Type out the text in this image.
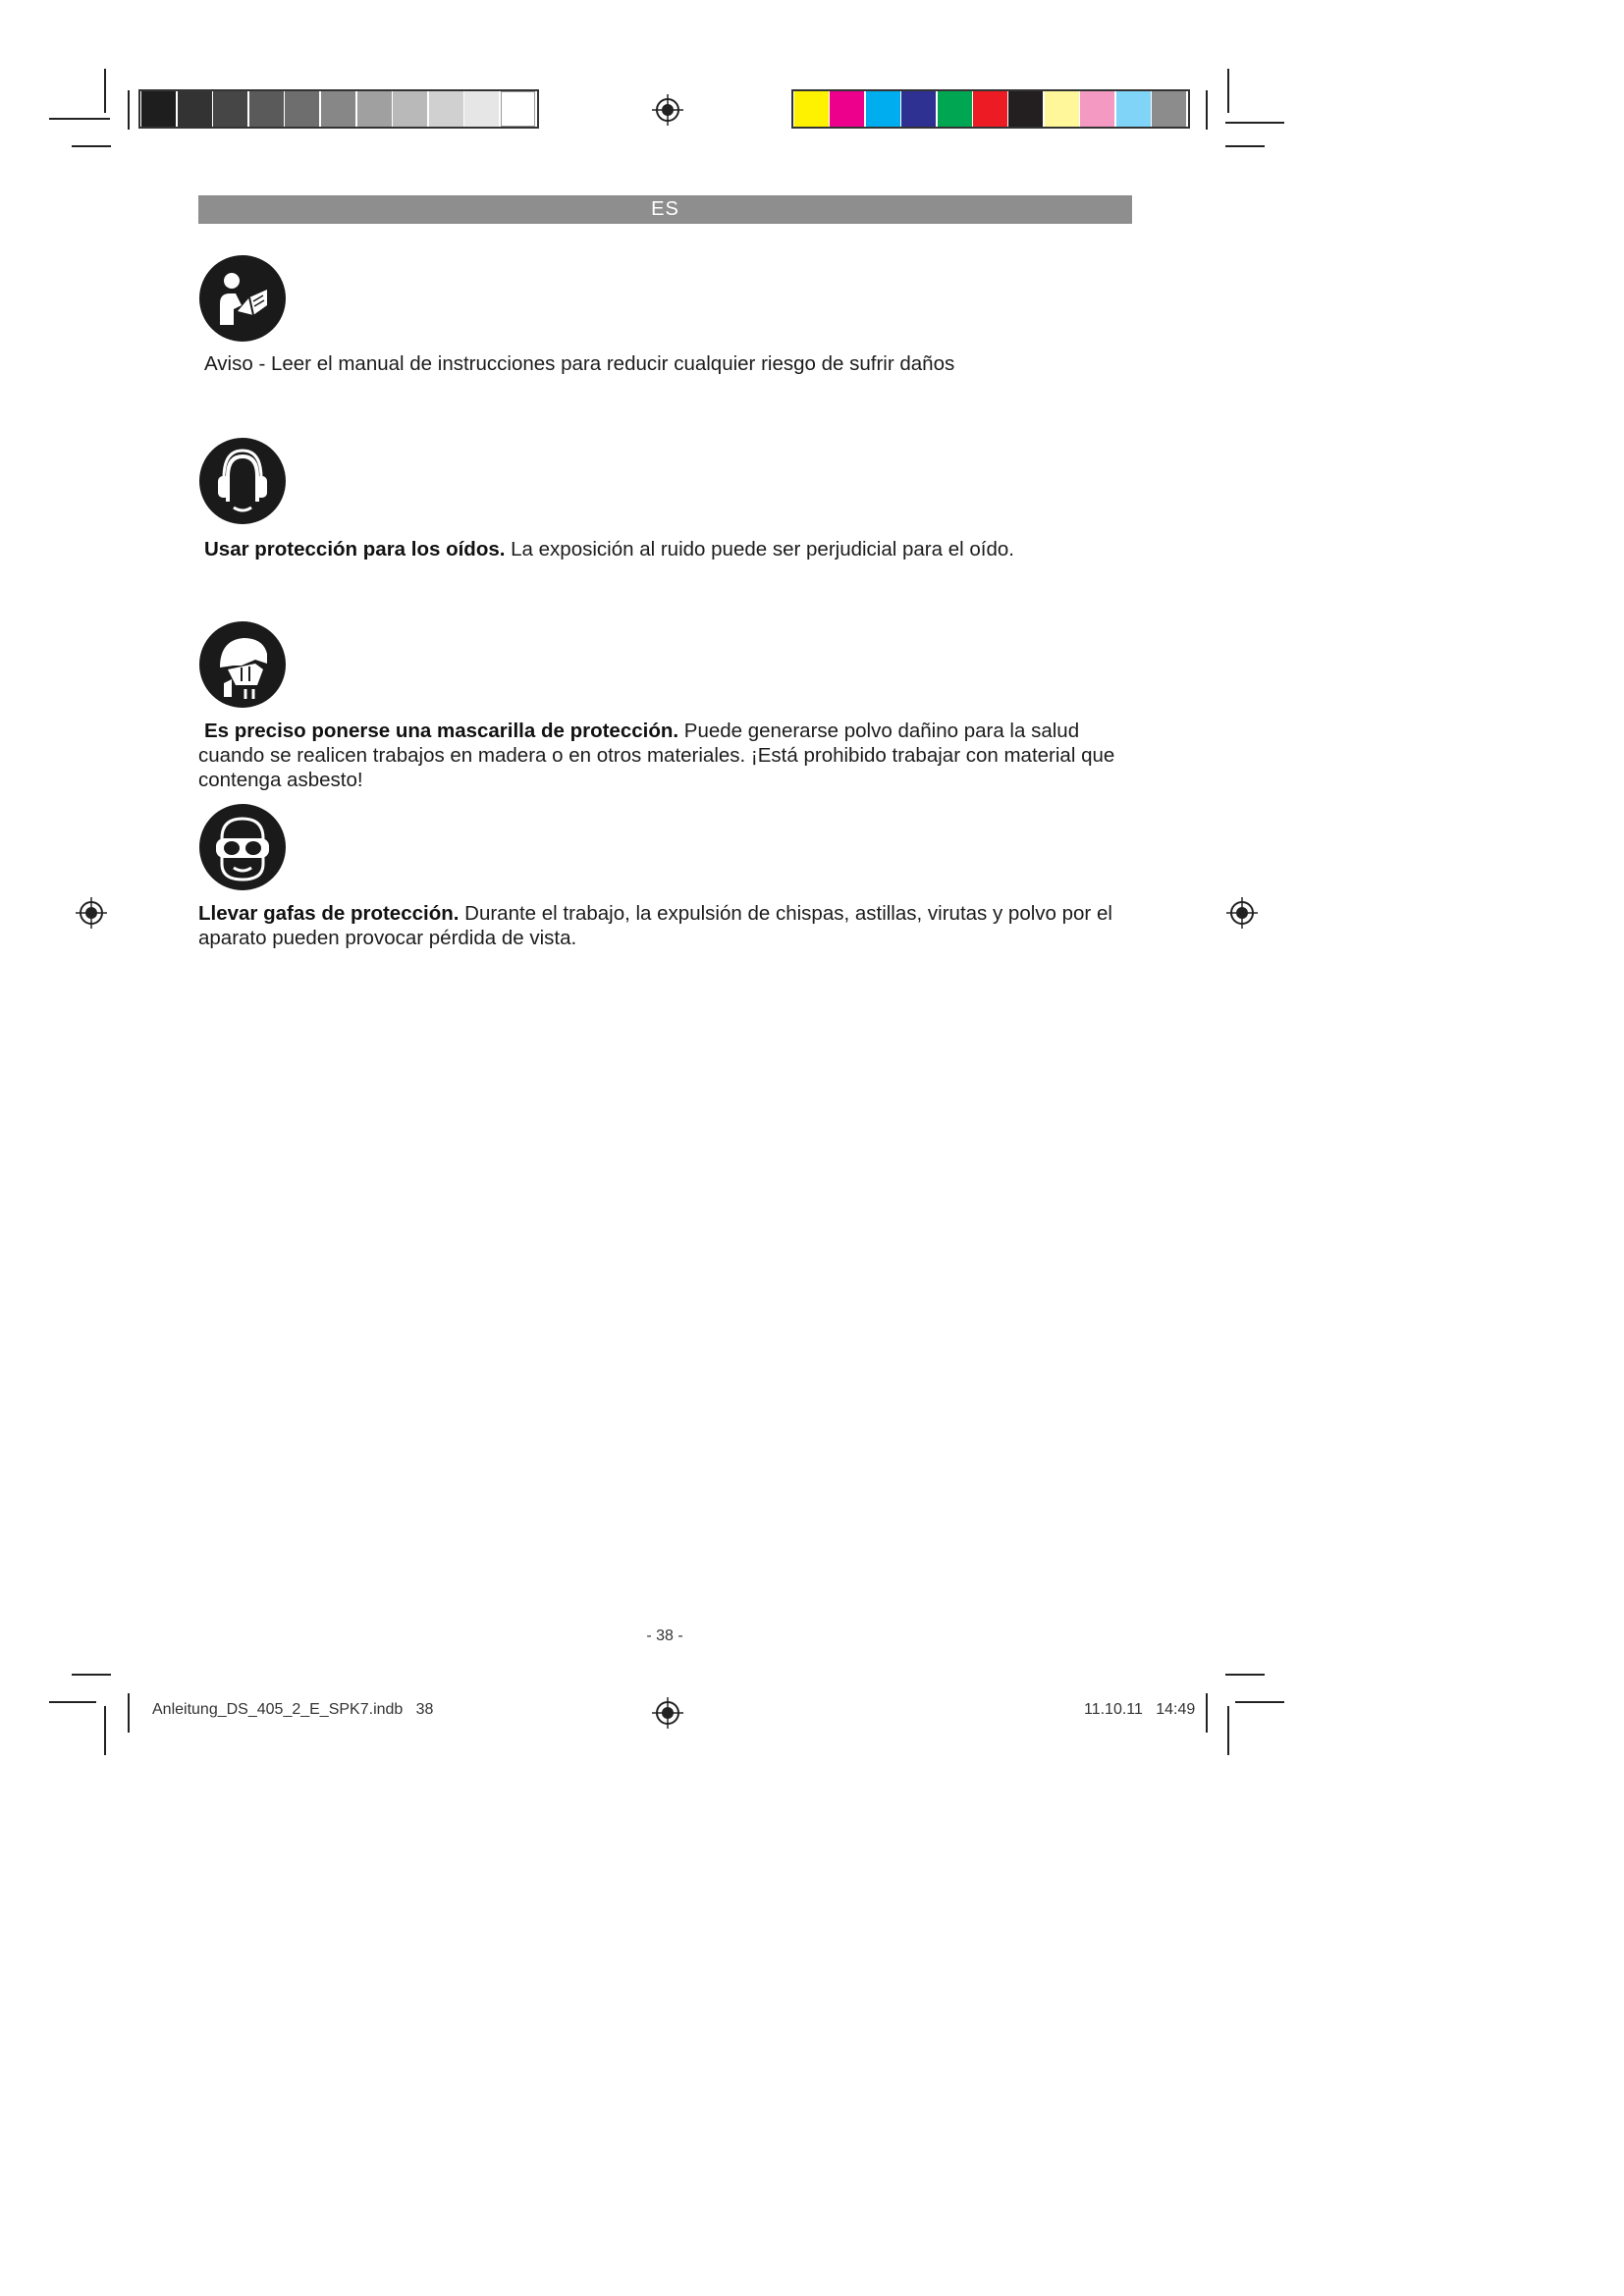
ES
Aviso - Leer el manual de instrucciones para reducir cualquier riesgo de sufrir daños
Usar protección para los oídos. La exposición al ruido puede ser perjudicial para el oído.
Es preciso ponerse una mascarilla de protección. Puede generarse polvo dañino para la salud cuando se realicen trabajos en madera o en otros materiales. ¡Está prohibido trabajar con material que contenga asbesto!
Llevar gafas de protección. Durante el trabajo, la expulsión de chispas, astillas, virutas y polvo por el aparato pueden provocar pérdida de vista.
- 38 -
Anleitung_DS_405_2_E_SPK7.indb   38	11.10.11   14:49
